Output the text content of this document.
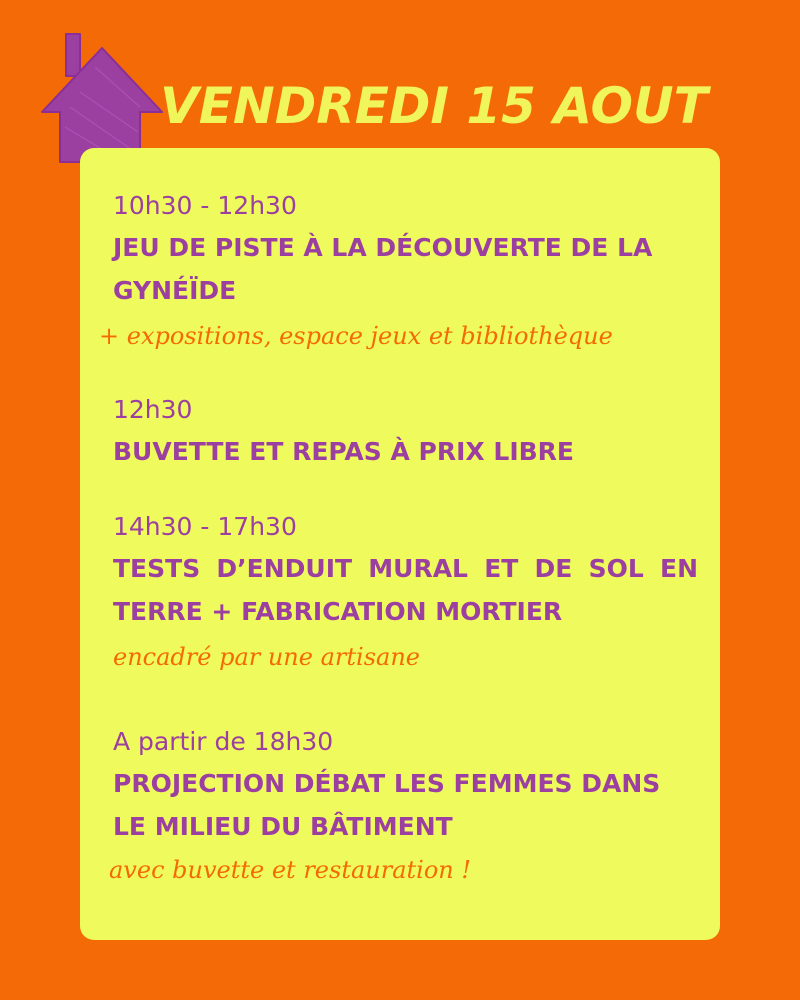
VENDREDI 15 AOUT
10h30 - 12h30
JEU DE PISTE À LA DÉCOUVERTE DE LA GYNÉÏDE
+ expositions, espace jeux et bibliothèque
12h30
BUVETTE ET REPAS À PRIX LIBRE
14h30 - 17h30
TESTS D’ENDUIT MURAL ET DE SOL EN TERRE + FABRICATION MORTIER
encadré par une artisane
A partir de 18h30
PROJECTION DÉBAT LES FEMMES DANS LE MILIEU DU BÂTIMENT
avec buvette et restauration !
